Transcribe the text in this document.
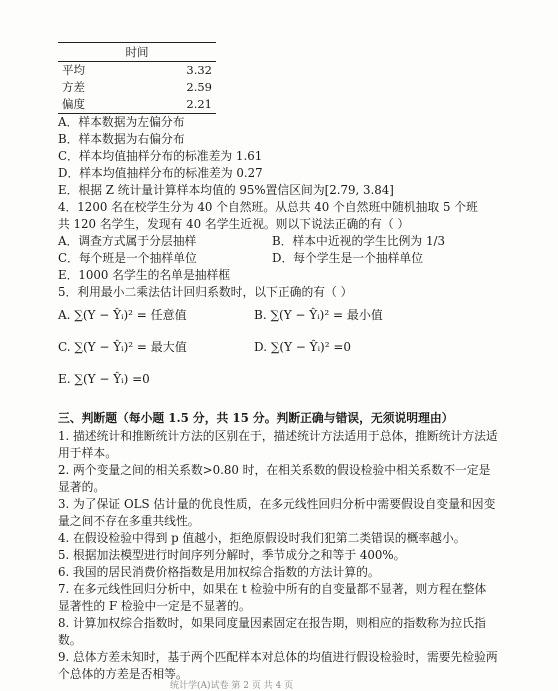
时间
平均	3.32
方差	2.59
偏度	2.21
A．样本数据为左偏分布
B．样本数据为右偏分布
C．样本均值抽样分布的标准差为 1.61
D．样本均值抽样分布的标准差为 0.27
E．根据 Z 统计量计算样本均值的 95%置信区间为[2.79, 3.84]
4．1200 名在校学生分为 40 个自然班。从总共 40 个自然班中随机抽取 5 个班
共 120 名学生，发现有 40 名学生近视。则以下说法正确的有（ ）
A．调查方式属于分层抽样	B．样本中近视的学生比例为 1/3
C．每个班是一个抽样单位	D．每个学生是一个抽样单位
E．1000 名学生的名单是抽样框
5．利用最小二乘法估计回归系数时，以下正确的有（ ）
A. ∑(Y − Ŷᵢ)² = 任意值	B. ∑(Y − Ŷᵢ)² = 最小值
C. ∑(Y − Ŷᵢ)² = 最大值	D. ∑(Y − Ŷᵢ)² =0
E. ∑(Y − Ŷᵢ) =0
三、判断题（每小题 1.5 分，共 15 分。判断正确与错误，无须说明理由）
1. 描述统计和推断统计方法的区别在于，描述统计方法适用于总体，推断统计方法适用于样本。
2. 两个变量之间的相关系数>0.80 时，在相关系数的假设检验中相关系数不一定是显著的。
3. 为了保证 OLS 估计量的优良性质，在多元线性回归分析中需要假设自变量和因变量之间不存在多重共线性。
4. 在假设检验中得到 p 值越小，拒绝原假设时我们犯第二类错误的概率越小。
5. 根据加法模型进行时间序列分解时，季节成分之和等于 400%。
6. 我国的居民消费价格指数是用加权综合指数的方法计算的。
7. 在多元线性回归分析中，如果在 t 检验中所有的自变量都不显著，则方程在整体显著性的 F 检验中一定是不显著的。
8. 计算加权综合指数时，如果同度量因素固定在报告期，则相应的指数称为拉氏指数。
9. 总体方差未知时，基于两个匹配样本对总体的均值进行假设检验时，需要先检验两个总体的方差是否相等。
统计学(A)试卷 第 2 页 共 4 页
